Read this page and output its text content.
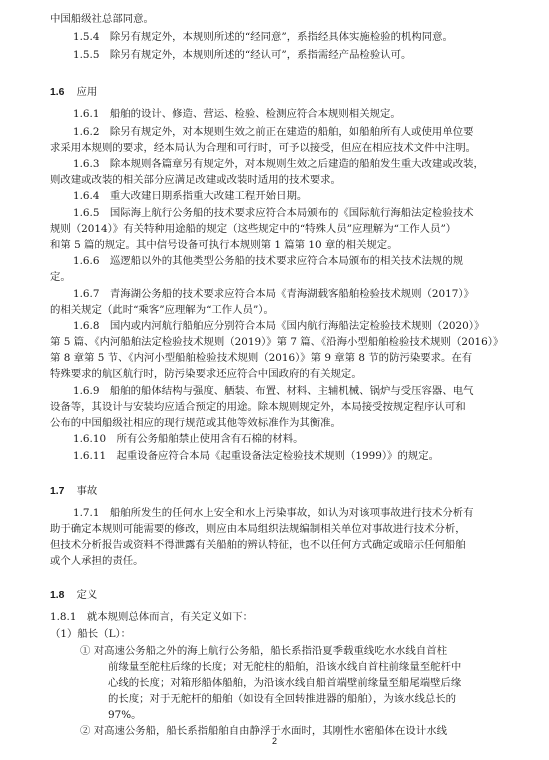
中国船级社总部同意。
1.5.4　除另有规定外，本规则所述的“经同意”，系指经具体实施检验的机构同意。
1.5.5　除另有规定外，本规则所述的“经认可”，系指需经产品检验认可。
1.6.1　船舶的设计、修造、营运、检验、检测应符合本规则相关规定。
1.6.2　除另有规定外，对本规则生效之前正在建造的船舶，如船舶所有人或使用单位要
求采用本规则的要求，经本局认为合理和可行时，可予以接受，但应在相应技术文件中注明。
1.6.3　除本规则各篇章另有规定外，对本规则生效之后建造的船舶发生重大改建或改装，
则改建或改装的相关部分应满足改建或改装时适用的技术要求。
1.6.4　重大改建日期系指重大改建工程开始日期。
1.6.5　国际海上航行公务船的技术要求应符合本局颁布的《国际航行海船法定检验技术
规则（2014）》有关特种用途船的规定（这些规定中的“特殊人员”应理解为“工作人员”）
和第 5 篇的规定。其中信号设备可执行本规则第 1 篇第 10 章的相关规定。
1.6.6　巡逻船以外的其他类型公务船的技术要求应符合本局颁布的相关技术法规的规
定。
1.6.7　青海湖公务船的技术要求应符合本局《青海湖载客船舶检验技术规则（2017）》
的相关规定（此时“乘客”应理解为“工作人员”）。
1.6.8　国内或内河航行船舶应分别符合本局《国内航行海船法定检验技术规则（2020）》
第 5 篇、《内河船舶法定检验技术规则（2019）》第 7 篇、《沿海小型船舶检验技术规则（2016）》
第 8 章第 5 节、《内河小型船舶检验技术规则（2016）》第 9 章第 8 节的防污染要求。在有
特殊要求的航区航行时，防污染要求还应符合中国政府的有关规定。
1.6.9　船舶的船体结构与强度、舾装、布置、材料、主辅机械、锅炉与受压容器、电气
设备等，其设计与安装均应适合预定的用途。除本规则规定外，本局接受按规定程序认可和
公布的中国船级社相应的现行规范或其他等效标准作为其衡准。
1.6.10　所有公务船舶禁止使用含有石棉的材料。
1.6.11　起重设备应符合本局《起重设备法定检验技术规则（1999）》的规定。
1.7.1　船舶所发生的任何水上安全和水上污染事故，如认为对该项事故进行技术分析有
助于确定本规则可能需要的修改，则应由本局组织法规编制相关单位对事故进行技术分析，
但技术分析报告或资料不得泄露有关船舶的辨认特征，也不以任何方式确定或暗示任何船舶
或个人承担的责任。
1.8.1　就本规则总体而言，有关定义如下：
（1）船长（L）：
① 对高速公务船之外的海上航行公务船，船长系指沿夏季载重线吃水水线自首柱
前缘量至舵柱后缘的长度；对无舵柱的船舶，沿该水线自首柱前缘量至舵杆中
心线的长度；对箱形船体船舶，为沿该水线自船首端壁前缘量至船尾端壁后缘
的长度；对于无舵杆的船舶（如设有全回转推进器的船舶），为该水线总长的
97%。
② 对高速公务船，船长系指船舶自由静浮于水面时，其刚性水密船体在设计水线
1.6 应用
1.7 事故
1.8 定义
2
